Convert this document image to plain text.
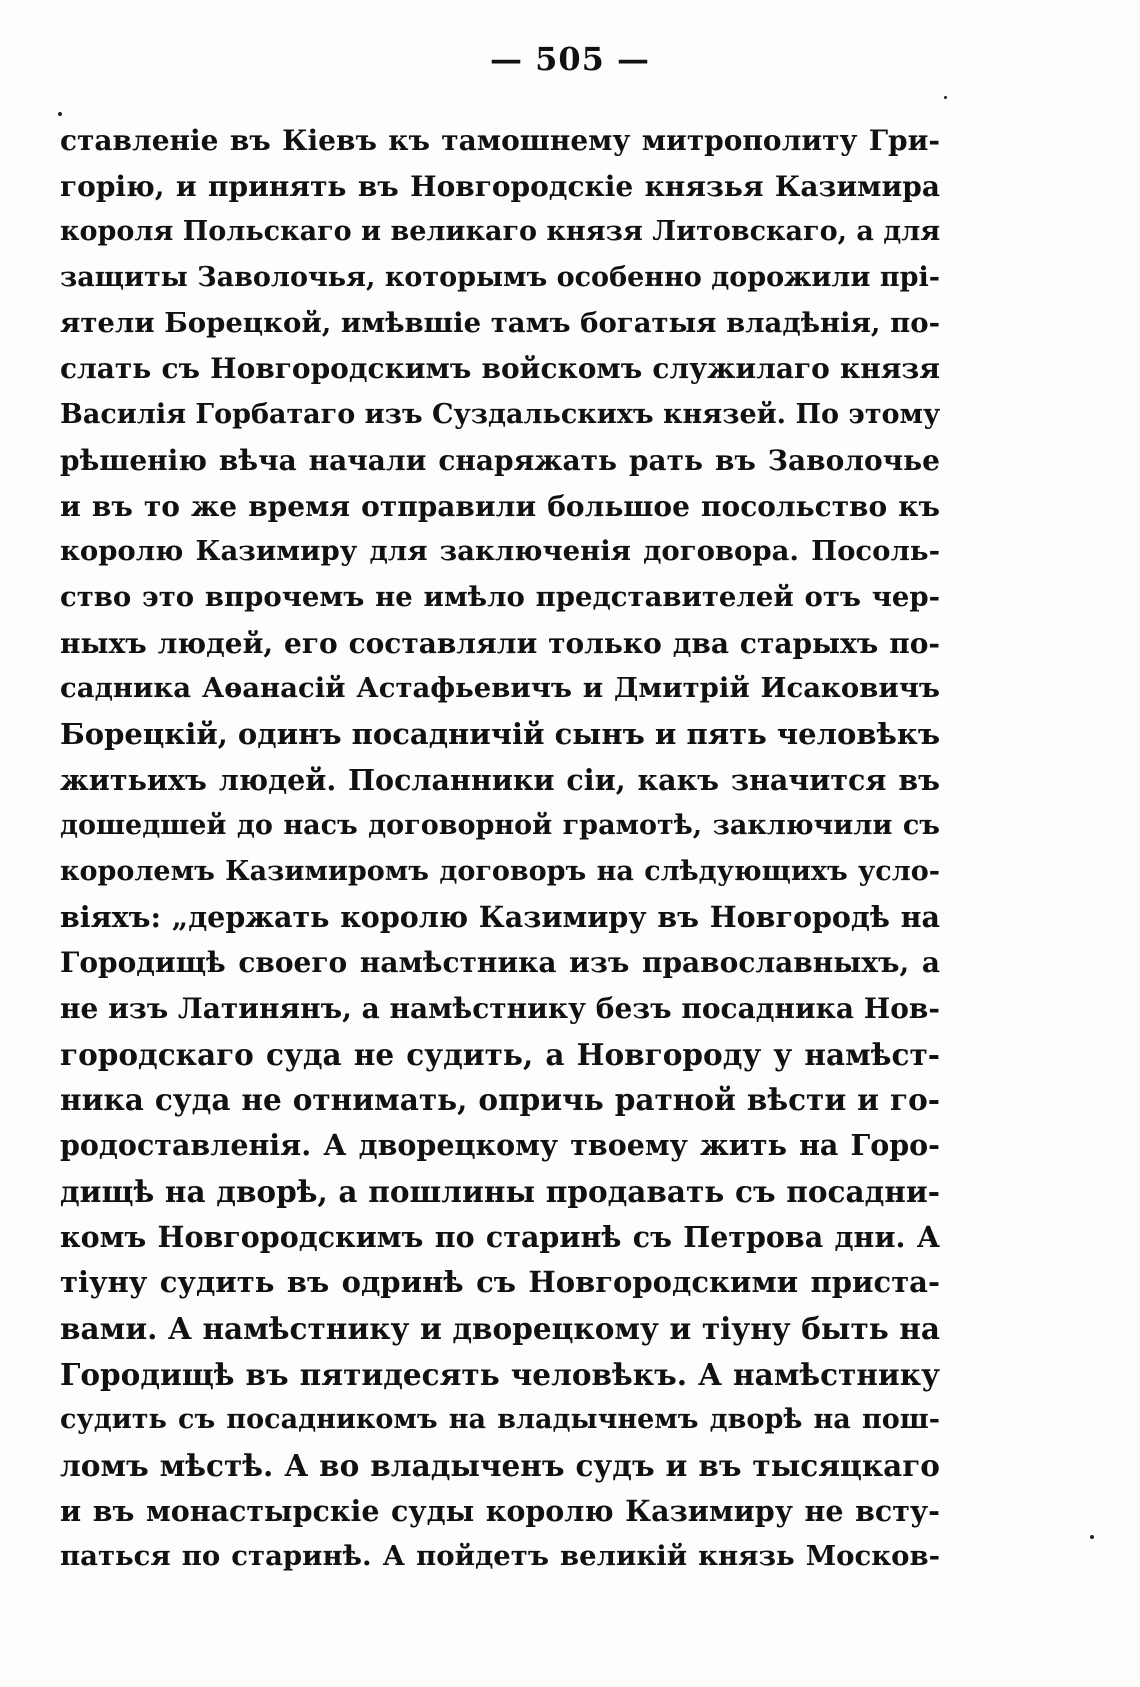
— 505 —
ставленіе въ Кіевъ къ тамошнему митрополиту Гри-
горію, и принять въ Новгородскіе князья Казимира
короля Польскаго и великаго князя Литовскаго, а для
защиты Заволочья, которымъ особенно дорожили прі-
ятели Борецкой, имѣвшіе тамъ богатыя владѣнія, по-
слать съ Новгородскимъ войскомъ служилаго князя
Василія Горбатаго изъ Суздальскихъ князей. По этому
рѣшенію вѣча начали снаряжать рать въ Заволочье
и въ то же время отправили большое посольство къ
королю Казимиру для заключенія договора. Посоль-
ство это впрочемъ не имѣло представителей отъ чер-
ныхъ людей, его составляли только два старыхъ по-
садника Аѳанасій Астафьевичъ и Дмитрій Исаковичъ
Борецкій, одинъ посадничій сынъ и пять человѣкъ
житьихъ людей. Посланники сіи, какъ значится въ
дошедшей до насъ договорной грамотѣ, заключили съ
королемъ Казимиромъ договоръ на слѣдующихъ усло-
віяхъ: „держать королю Казимиру въ Новгородѣ на
Городищѣ своего намѣстника изъ православныхъ, а
не изъ Латинянъ, а намѣстнику безъ посадника Нов-
городскаго суда не судить, а Новгороду у намѣст-
ника суда не отнимать, опричь ратной вѣсти и го-
родоставленія. А дворецкому твоему жить на Горо-
дищѣ на дворѣ, а пошлины продавать съ посадни-
комъ Новгородскимъ по старинѣ съ Петрова дни. А
тіуну судить въ одринѣ съ Новгородскими приста-
вами. А намѣстнику и дворецкому и тіуну быть на
Городищѣ въ пятидесять человѣкъ. А намѣстнику
судить съ посадникомъ на владычнемъ дворѣ на пош-
ломъ мѣстѣ. А во владыченъ судъ и въ тысяцкаго
и въ монастырскіе суды королю Казимиру не всту-
паться по старинѣ. А пойдетъ великій князь Москов-
